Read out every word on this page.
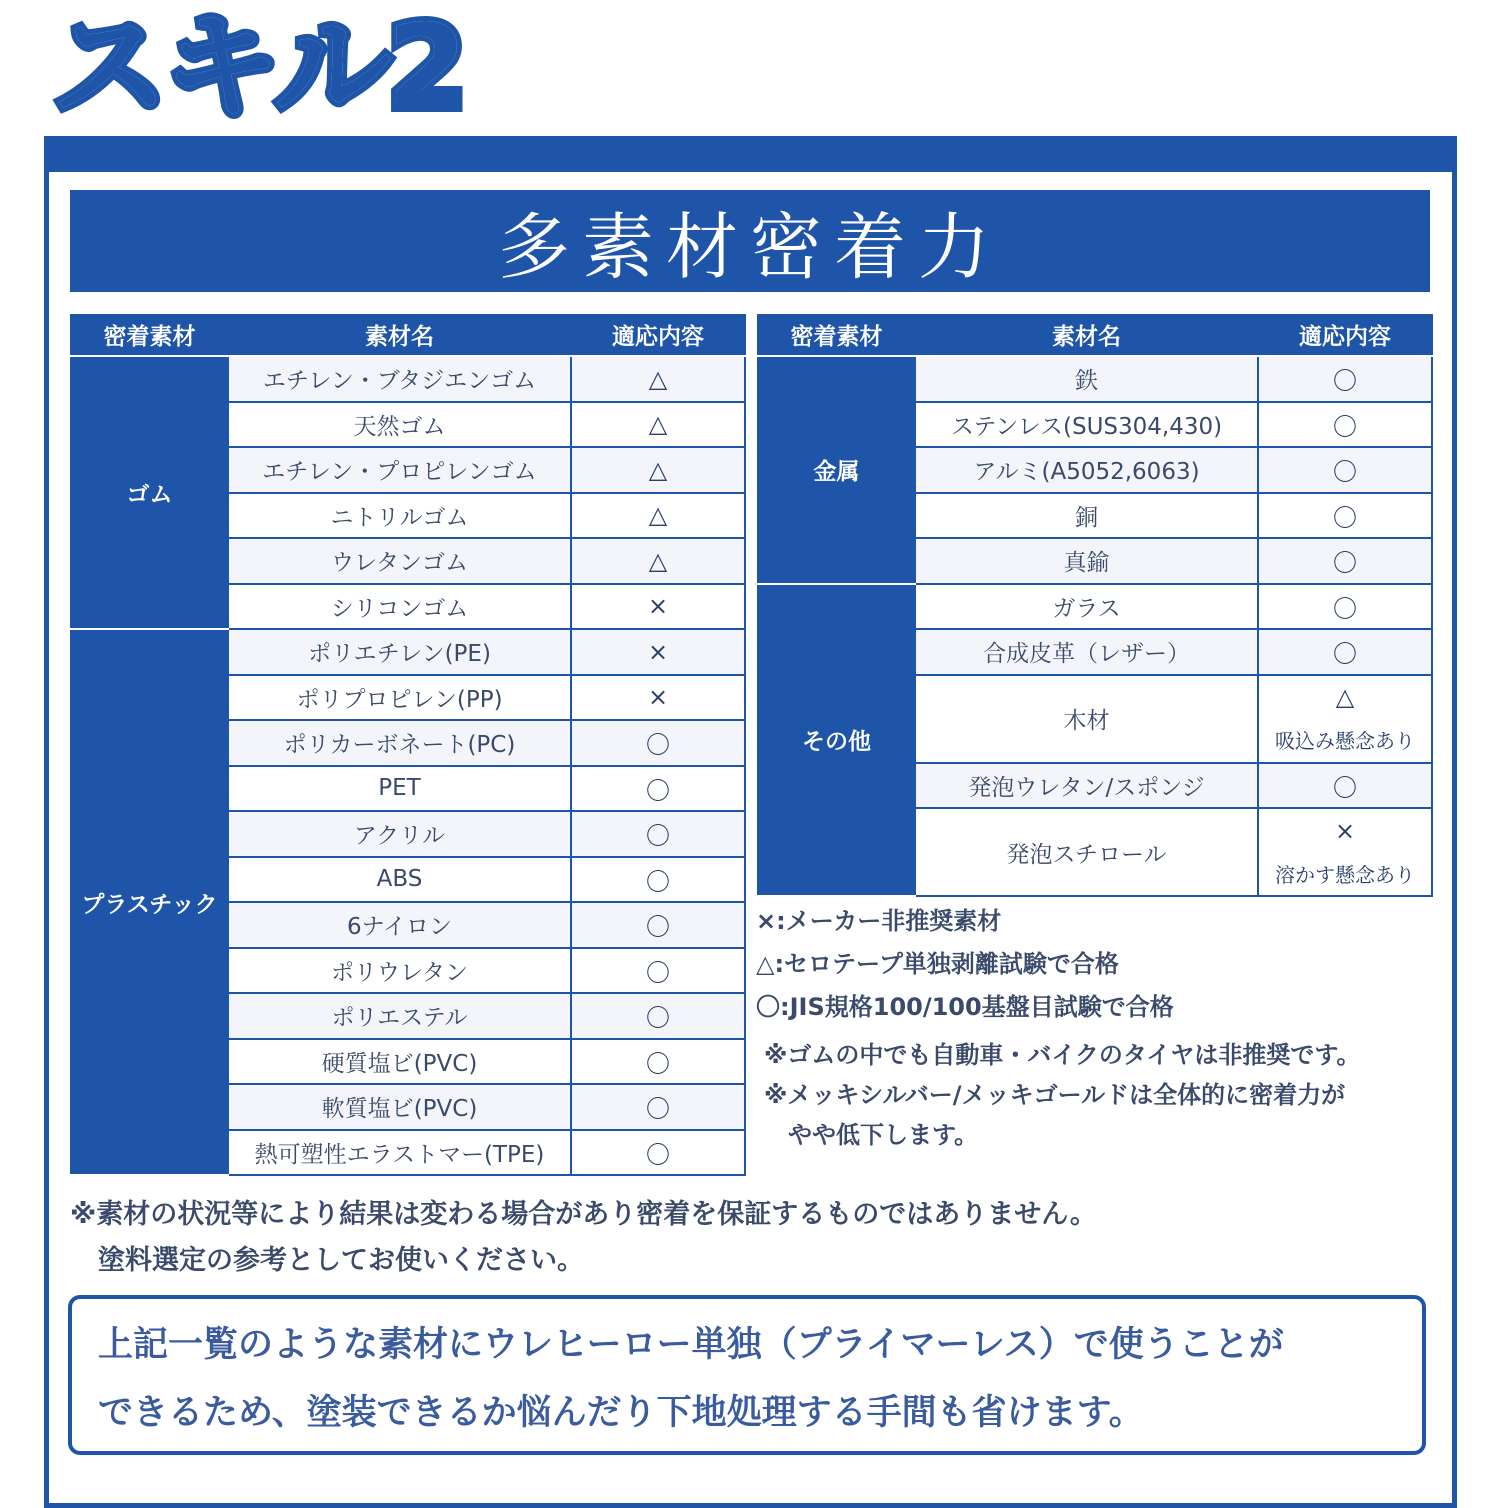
スキル2
多素材密着力
密着素材	素材名	適応内容
ゴム	エチレン・ブタジエンゴム	△
	天然ゴム	△
	エチレン・プロピレンゴム	△
	ニトリルゴム	△
	ウレタンゴム	△
	シリコンゴム	×
プラスチック	ポリエチレン(PE)	×
	ポリプロピレン(PP)	×
	ポリカーボネート(PC)	〇
	PET	〇
	アクリル	〇
	ABS	〇
	6ナイロン	〇
	ポリウレタン	〇
	ポリエステル	〇
	硬質塩ビ(PVC)	〇
	軟質塩ビ(PVC)	〇
	熱可塑性エラストマー(TPE)	〇
密着素材	素材名	適応内容
金属	鉄	〇
	ステンレス(SUS304,430)	〇
	アルミ(A5052,6063)	〇
	銅	〇
	真鍮	〇
その他	ガラス	〇
	合成皮革（レザー）	〇
	木材	△
吸込み懸念あり

	発泡ウレタン/スポンジ	〇
	発泡スチロール	×
溶かす懸念あり
×:メーカー非推奨素材
△:セロテープ単独剥離試験で合格
〇:JIS規格100/100基盤目試験で合格
※ゴムの中でも自動車・バイクのタイヤは非推奨です。
※メッキシルバー/メッキゴールドは全体的に密着力が
　やや低下します。
※素材の状況等により結果は変わる場合があり密着を保証するものではありません。
塗料選定の参考としてお使いください。
上記一覧のような素材にウレヒーロー単独（プライマーレス）で使うことが
できるため、塗装できるか悩んだり下地処理する手間も省けます。
